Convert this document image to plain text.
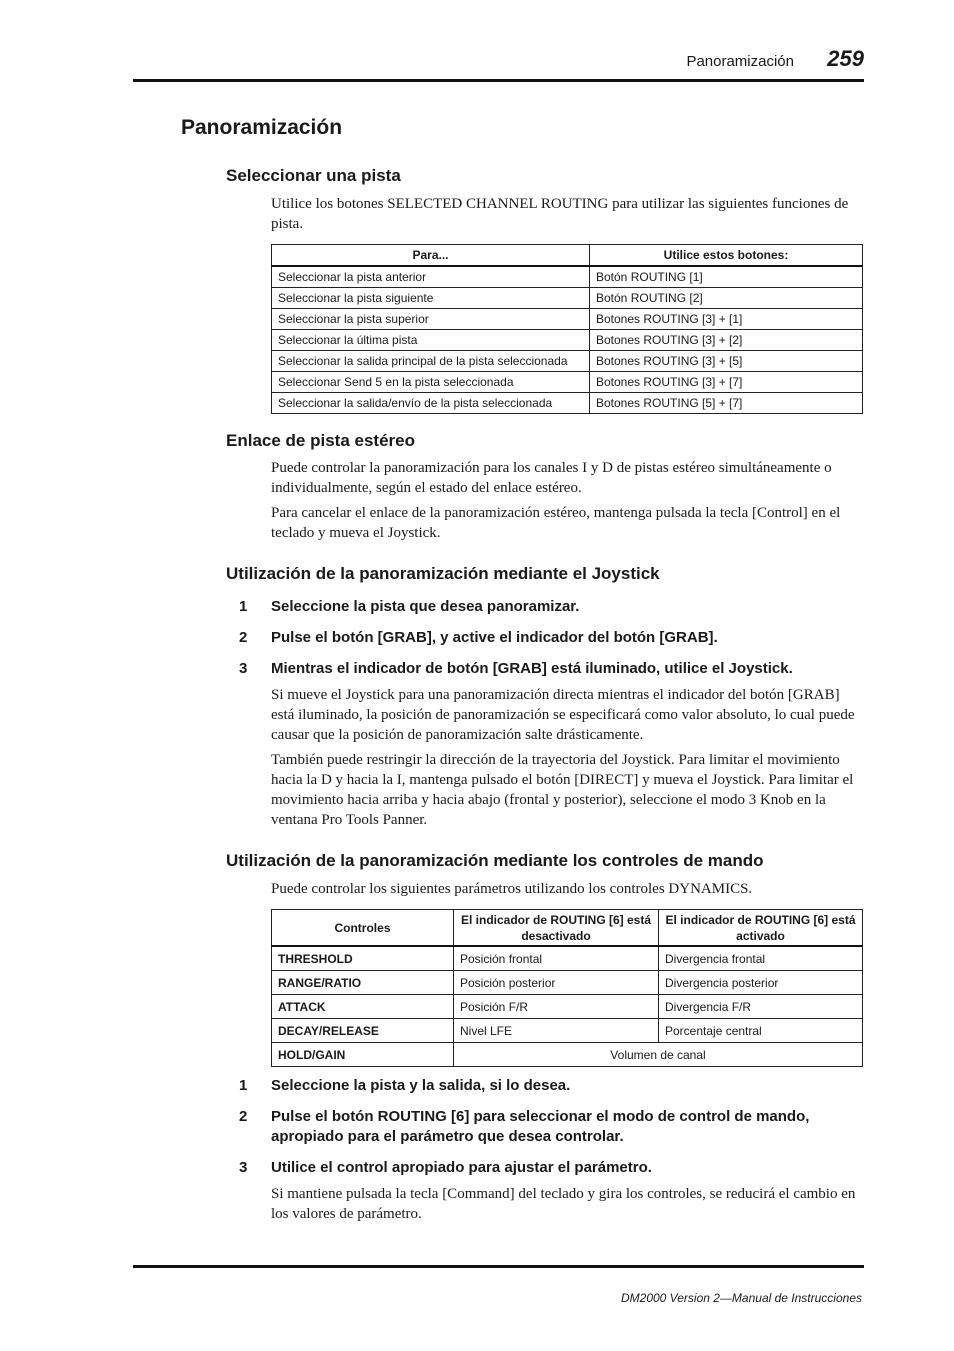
Panoramización 259
Panoramización
Seleccionar una pista
Utilice los botones SELECTED CHANNEL ROUTING para utilizar las siguientes funciones de pista.
Para...	Utilice estos botones:
Seleccionar la pista anterior	Botón ROUTING [1]
Seleccionar la pista siguiente	Botón ROUTING [2]
Seleccionar la pista superior	Botones ROUTING [3] + [1]
Seleccionar la última pista	Botones ROUTING [3] + [2]
Seleccionar la salida principal de la pista seleccionada	Botones ROUTING [3] + [5]
Seleccionar Send 5 en la pista seleccionada	Botones ROUTING [3] + [7]
Seleccionar la salida/envío de la pista seleccionada	Botones ROUTING [5] + [7]
Enlace de pista estéreo
Puede controlar la panoramización para los canales I y D de pistas estéreo simultáneamente o individualmente, según el estado del enlace estéreo.
Para cancelar el enlace de la panoramización estéreo, mantenga pulsada la tecla [Control] en el teclado y mueva el Joystick.
Utilización de la panoramización mediante el Joystick
1 Seleccione la pista que desea panoramizar.
2 Pulse el botón [GRAB], y active el indicador del botón [GRAB].
3 Mientras el indicador de botón [GRAB] está iluminado, utilice el Joystick.
Si mueve el Joystick para una panoramización directa mientras el indicador del botón [GRAB] está iluminado, la posición de panoramización se especificará como valor absoluto, lo cual puede causar que la posición de panoramización salte drásticamente.
También puede restringir la dirección de la trayectoria del Joystick. Para limitar el movimiento hacia la D y hacia la I, mantenga pulsado el botón [DIRECT] y mueva el Joystick. Para limitar el movimiento hacia arriba y hacia abajo (frontal y posterior), seleccione el modo 3 Knob en la ventana Pro Tools Panner.
Utilización de la panoramización mediante los controles de mando
Puede controlar los siguientes parámetros utilizando los controles DYNAMICS.
Controles	El indicador de ROUTING [6] está desactivado	El indicador de ROUTING [6] está activado
THRESHOLD	Posición frontal	Divergencia frontal
RANGE/RATIO	Posición posterior	Divergencia posterior
ATTACK	Posición F/R	Divergencia F/R
DECAY/RELEASE	Nivel LFE	Porcentaje central
HOLD/GAIN	Volumen de canal	
1 Seleccione la pista y la salida, si lo desea.
2 Pulse el botón ROUTING [6] para seleccionar el modo de control de mando, apropiado para el parámetro que desea controlar.
3 Utilice el control apropiado para ajustar el parámetro.
Si mantiene pulsada la tecla [Command] del teclado y gira los controles, se reducirá el cambio en los valores de parámetro.
DM2000 Version 2—Manual de Instrucciones
